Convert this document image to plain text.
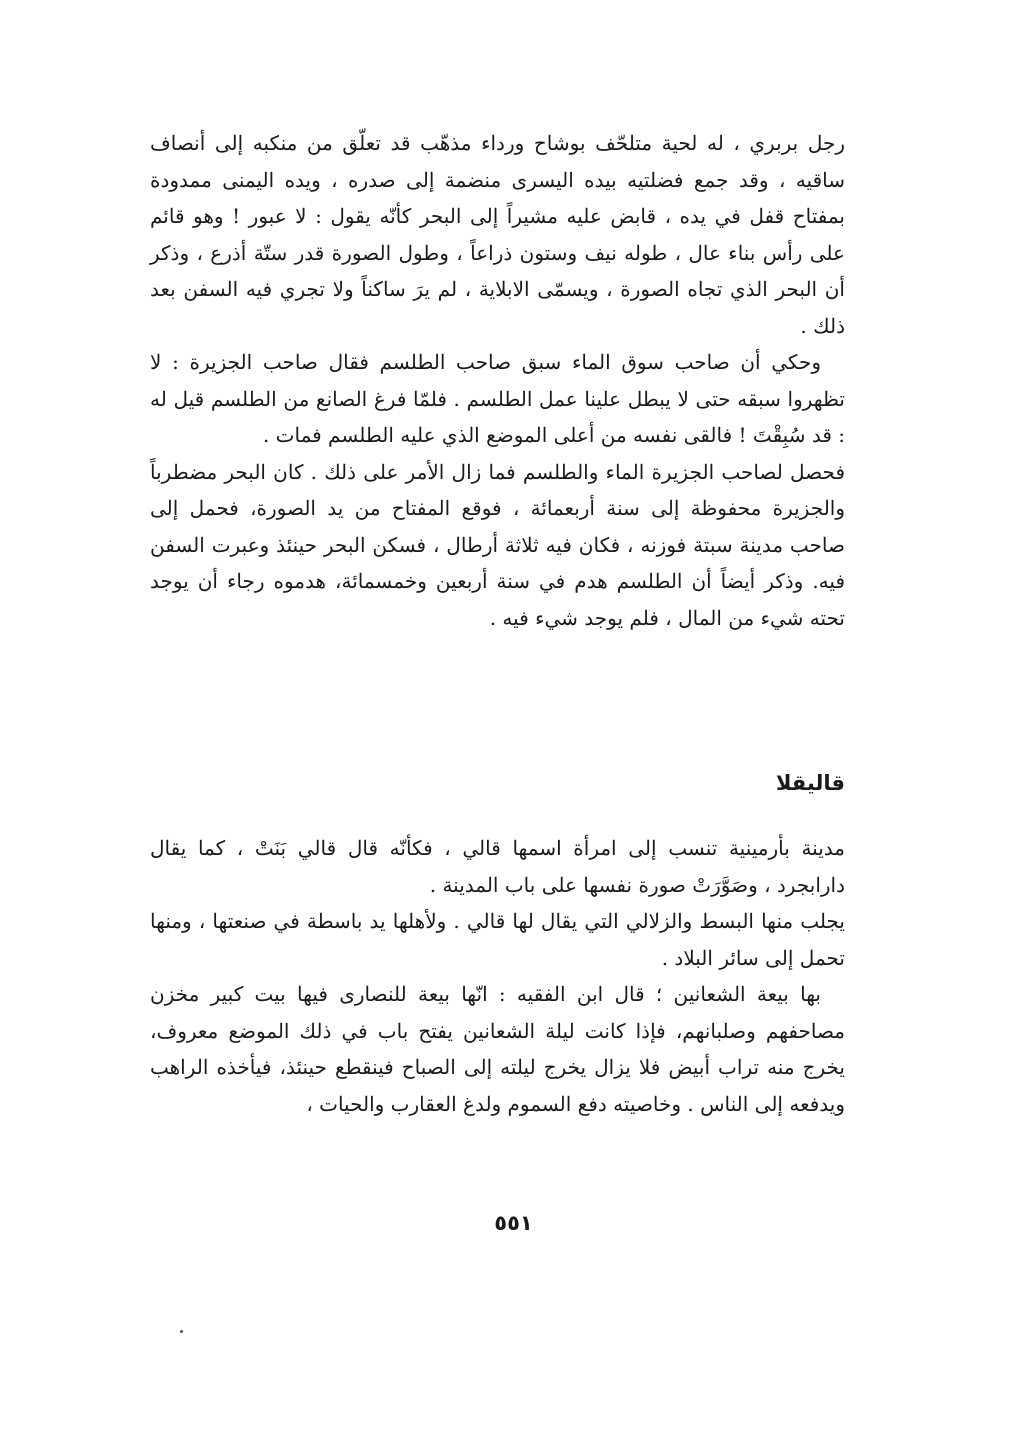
رجل بربري ، له لحية متلحّف بوشاح ورداء مذهّب قد تعلّق من منكبه إلى أنصاف ساقيه ، وقد جمع فضلتيه بيده اليسرى منضمة إلى صدره ، ويده اليمنى ممدودة بمفتاح قفل في يده ، قابض عليه مشيراً إلى البحر كأنّه يقول : لا عبور ! وهو قائم على رأس بناء عال ، طوله نيف وستون ذراعاً ، وطول الصورة قدر ستّة أذرع ، وذكر أن البحر الذي تجاه الصورة ، ويسمّى الابلاية ، لم يرَ ساكناً ولا تجري فيه السفن بعد ذلك .

وحكي أن صاحب سوق الماء سبق صاحب الطلسم فقال صاحب الجزيرة : لا تظهروا سبقه حتى لا يبطل علينا عمل الطلسم . فلمّا فرغ الصانع من الطلسم قيل له : قد سُبِقْتَ ! فالقى نفسه من أعلى الموضع الذي عليه الطلسم فمات .

فحصل لصاحب الجزيرة الماء والطلسم فما زال الأمر على ذلك . كان البحر مضطرباً والجزيرة محفوظة إلى سنة أربعمائة ، فوقع المفتاح من يد الصورة، فحمل إلى صاحب مدينة سبتة فوزنه ، فكان فيه ثلاثة أرطال ، فسكن البحر حينئذ وعبرت السفن فيه. وذكر أيضاً أن الطلسم هدم في سنة أربعين وخمسمائة، هدموه رجاء أن يوجد تحته شيء من المال ، فلم يوجد شيء فيه .

قاليقلا

مدينة بأرمينية تنسب إلى امرأة اسمها قالي ، فكأنّه قال قالي بَنَتْ ، كما يقال دارابجرد ، وصَوَّرَتْ صورة نفسها على باب المدينة .

يجلب منها البسط والزلالي التي يقال لها قالي . ولأهلها يد باسطة في صنعتها ، ومنها تحمل إلى سائر البلاد .

بها بيعة الشعانين ؛ قال ابن الفقيه : انّها بيعة للنصارى فيها بيت كبير مخزن مصاحفهم وصلبانهم، فإذا كانت ليلة الشعانين يفتح باب في ذلك الموضع معروف، يخرج منه تراب أبيض فلا يزال يخرج ليلته إلى الصباح فينقطع حينئذ، فيأخذه الراهب ويدفعه إلى الناس . وخاصيته دفع السموم ولدغ العقارب والحيات ،

٥٥١
